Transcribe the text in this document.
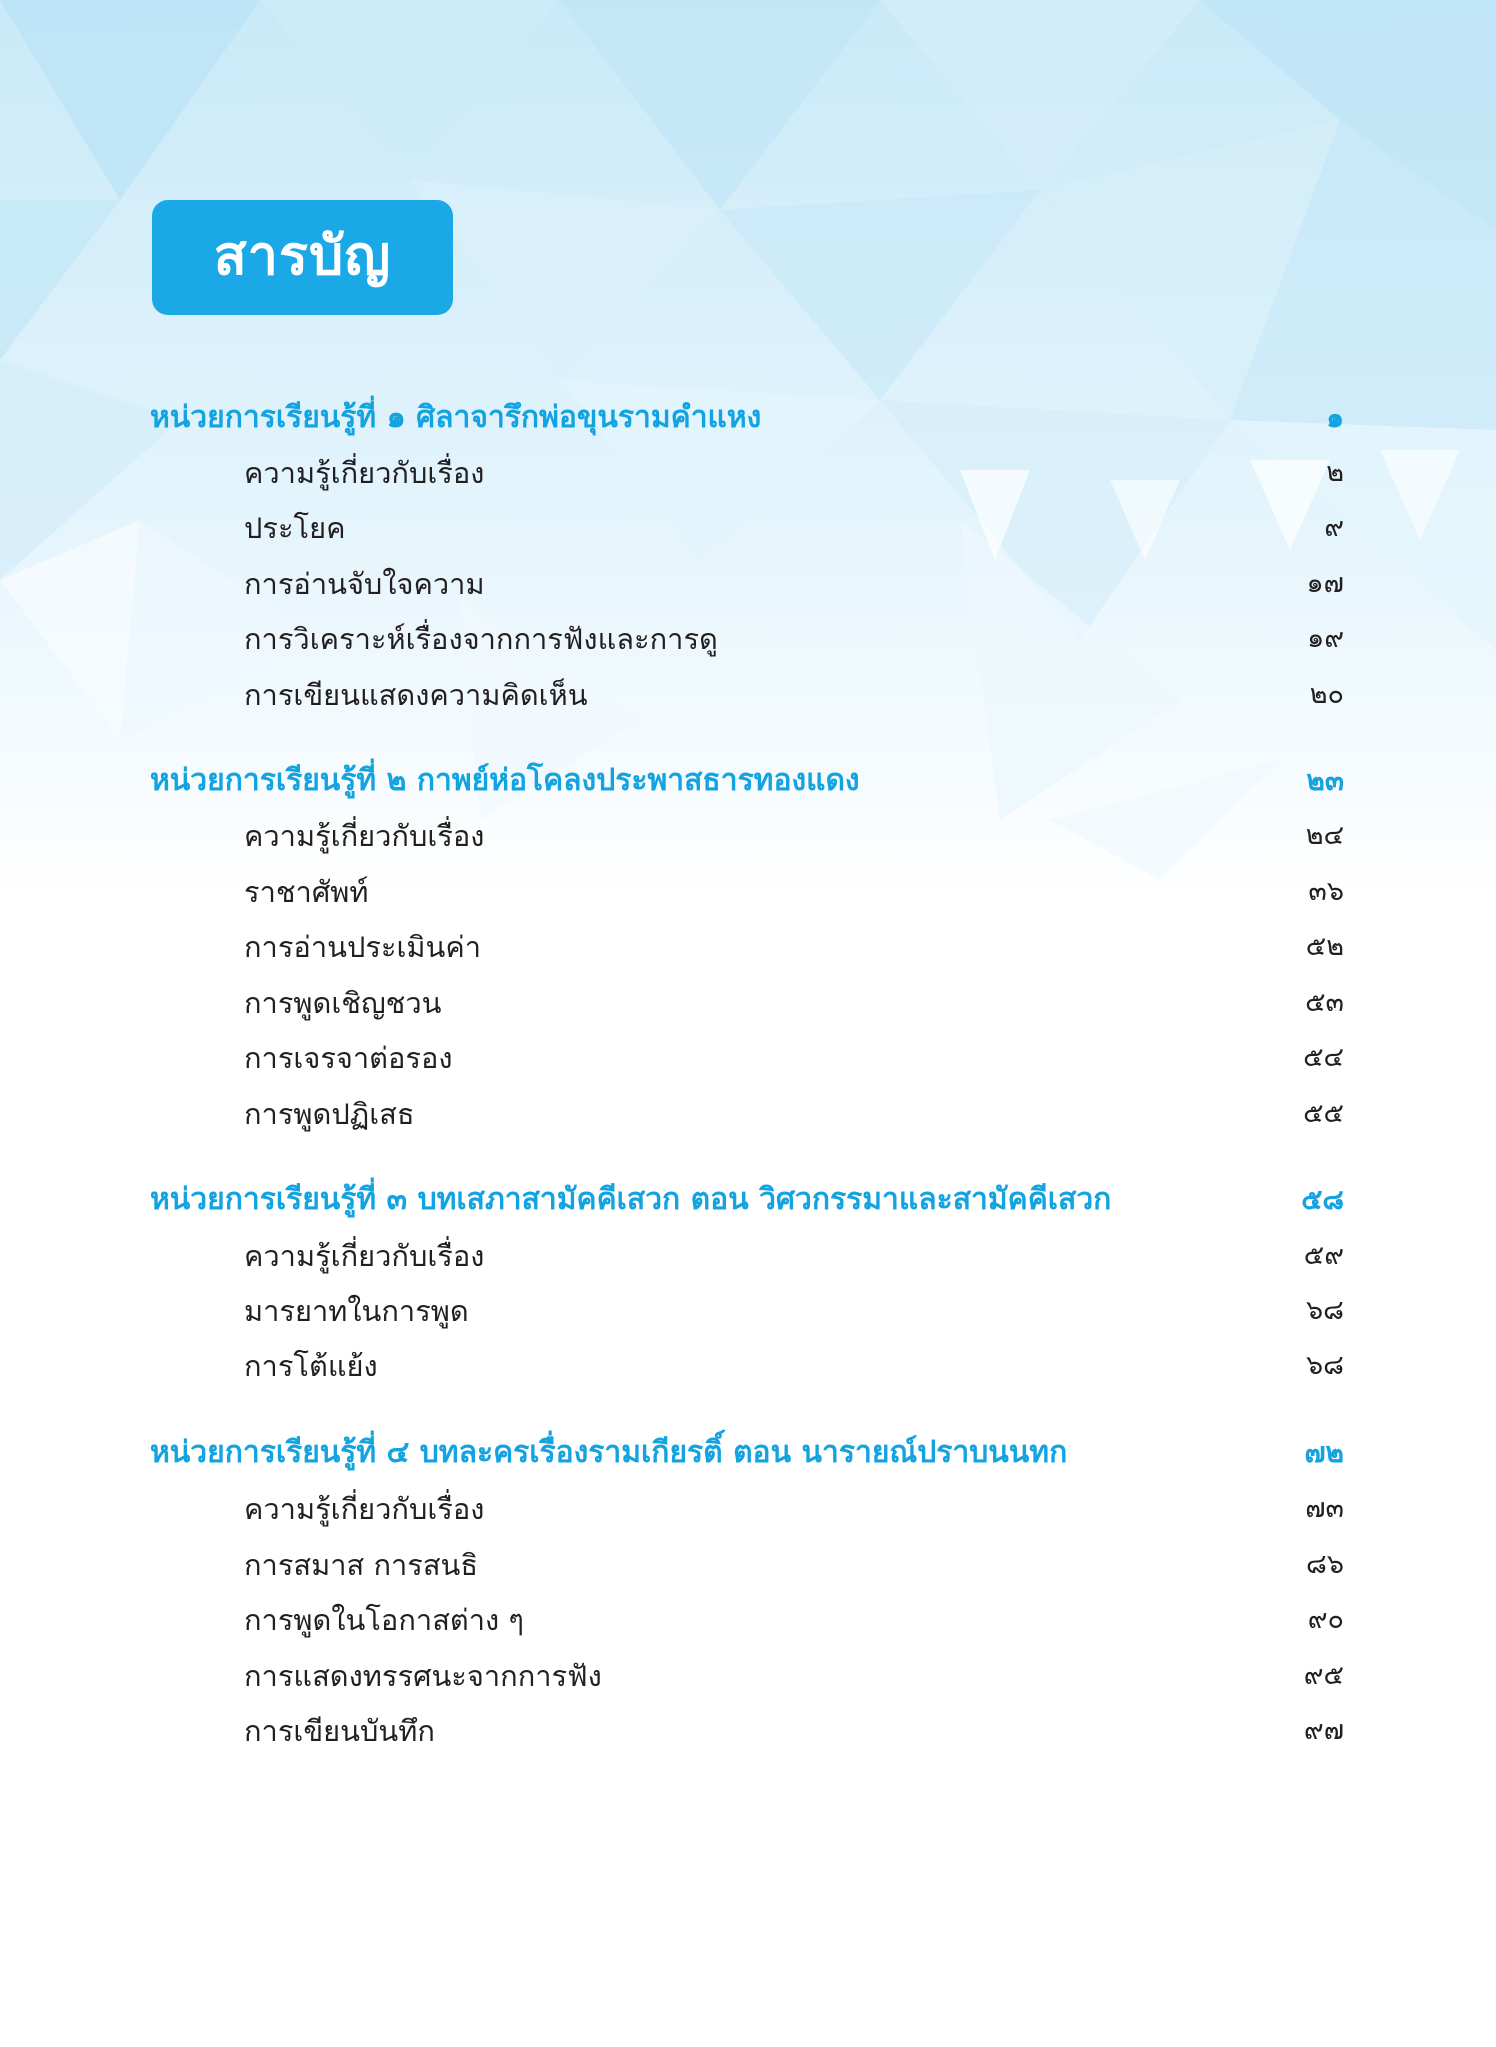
สารบัญ
หน่วยการเรียนรู้ที่ ๑ ศิลาจารึกพ่อขุนรามคำแหง	๑
ความรู้เกี่ยวกับเรื่อง	๒
ประโยค	๙
การอ่านจับใจความ	๑๗
การวิเคราะห์เรื่องจากการฟังและการดู	๑๙
การเขียนแสดงความคิดเห็น	๒๐
หน่วยการเรียนรู้ที่ ๒ กาพย์ห่อโคลงประพาสธารทองแดง	๒๓
ความรู้เกี่ยวกับเรื่อง	๒๔
ราชาศัพท์	๓๖
การอ่านประเมินค่า	๕๒
การพูดเชิญชวน	๕๓
การเจรจาต่อรอง	๕๔
การพูดปฏิเสธ	๕๕
หน่วยการเรียนรู้ที่ ๓ บทเสภาสามัคคีเสวก ตอน วิศวกรรมาและสามัคคีเสวก	๕๘
ความรู้เกี่ยวกับเรื่อง	๕๙
มารยาทในการพูด	๖๘
การโต้แย้ง	๖๘
หน่วยการเรียนรู้ที่ ๔ บทละครเรื่องรามเกียรติ์ ตอน นารายณ์ปราบนนทก	๗๒
ความรู้เกี่ยวกับเรื่อง	๗๓
การสมาส การสนธิ	๘๖
การพูดในโอกาสต่าง ๆ	๙๐
การแสดงทรรศนะจากการฟัง	๙๕
การเขียนบันทึก	๙๗
